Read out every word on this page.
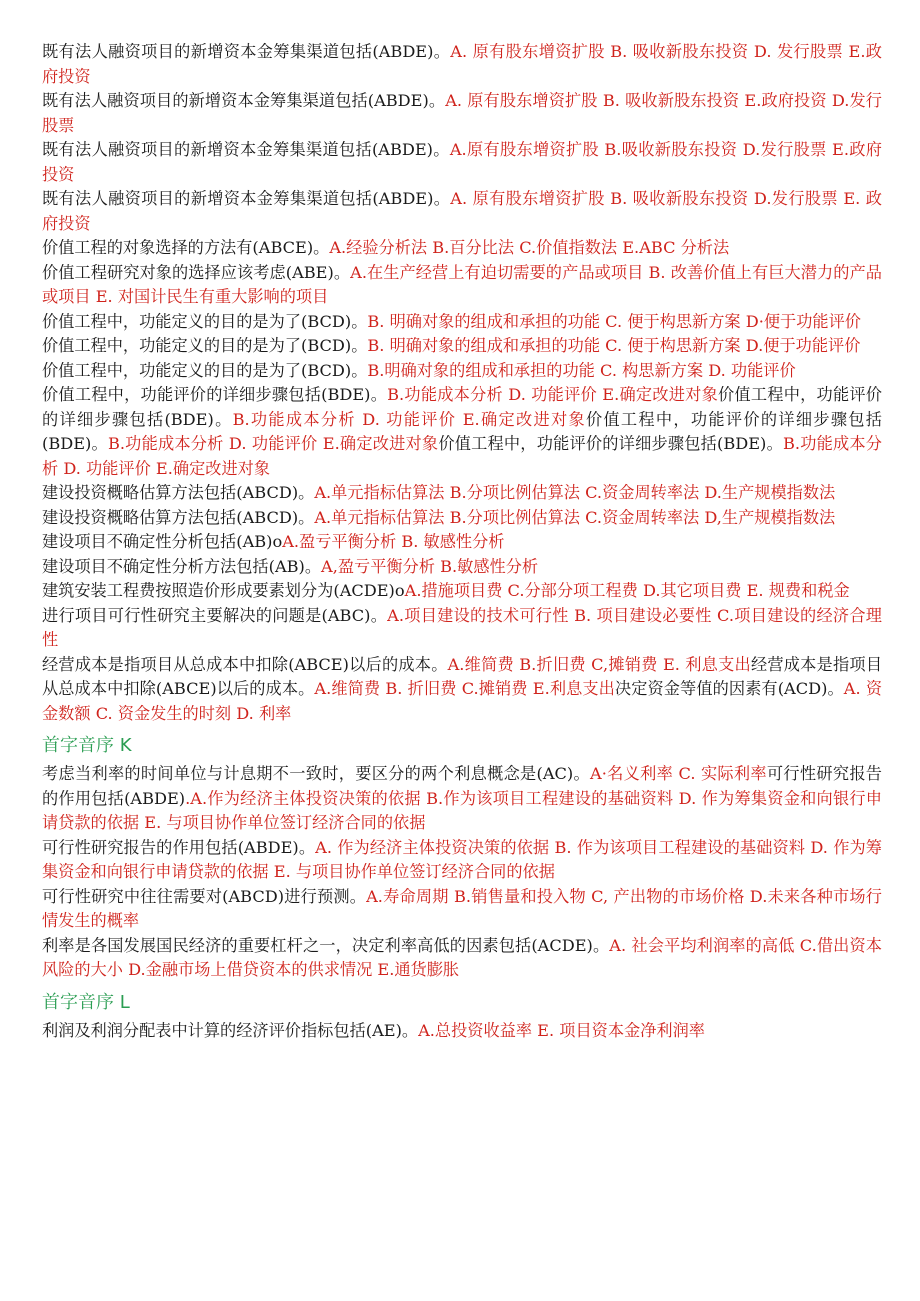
既有法人融资项目的新增资本金筹集渠道包括(ABDE)。A. 原有股东增资扩股 B. 吸收新股东投资 D. 发行股票 E.政府投资

既有法人融资项目的新增资本金筹集渠道包括(ABDE)。A. 原有股东增资扩股 B. 吸收新股东投资 E.政府投资 D.发行股票

既有法人融资项目的新增资本金筹集渠道包括(ABDE)。A.原有股东增资扩股 B.吸收新股东投资 D.发行股票 E.政府投资

既有法人融资项目的新增资本金筹集渠道包括(ABDE)。A. 原有股东增资扩股 B. 吸收新股东投资 D.发行股票 E. 政府投资

价值工程的对象选择的方法有(ABCE)。A.经验分析法 B.百分比法 C.价值指数法 E.ABC 分析法

价值工程研究对象的选择应该考虑(ABE)。A.在生产经营上有迫切需要的产品或项目 B. 改善价值上有巨大潜力的产品或项目 E. 对国计民生有重大影响的项目

价值工程中，功能定义的目的是为了(BCD)。B. 明确对象的组成和承担的功能 C. 便于构思新方案 D·便于功能评价

价值工程中，功能定义的目的是为了(BCD)。B. 明确对象的组成和承担的功能 C. 便于构思新方案 D.便于功能评价

价值工程中，功能定义的目的是为了(BCD)。B.明确对象的组成和承担的功能 C. 构思新方案 D. 功能评价

价值工程中，功能评价的详细步骤包括(BDE)。B.功能成本分析 D. 功能评价 E.确定改进对象价值工程中，功能评价的详细步骤包括(BDE)。B.功能成本分析 D. 功能评价 E.确定改进对象价值工程中，功能评价的详细步骤包括(BDE)。B.功能成本分析 D. 功能评价 E.确定改进对象价值工程中，功能评价的详细步骤包括(BDE)。B.功能成本分析 D. 功能评价 E.确定改进对象

建设投资概略估算方法包括(ABCD)。A.单元指标估算法 B.分项比例估算法 C.资金周转率法 D.生产规模指数法

建设投资概略估算方法包括(ABCD)。A.单元指标估算法 B.分项比例估算法 C.资金周转率法 D,生产规模指数法

建设项目不确定性分析包括(AB)oA.盈亏平衡分析 B. 敏感性分析

建设项目不确定性分析方法包括(AB)。A,盈亏平衡分析 B.敏感性分析

建筑安装工程费按照造价形成要素划分为(ACDE)oA.措施项目费 C.分部分项工程费 D.其它项目费 E. 规费和税金

进行项目可行性研究主要解决的问题是(ABC)。A.项目建设的技术可行性 B. 项目建设必要性 C.项目建设的经济合理性

经营成本是指项目从总成本中扣除(ABCE)以后的成本。A.维简费 B.折旧费 C,摊销费 E. 利息支出经营成本是指项目从总成本中扣除(ABCE)以后的成本。A.维简费 B. 折旧费 C.摊销费 E.利息支出决定资金等值的因素有(ACD)。A. 资金数额 C. 资金发生的时刻 D. 利率

首字音序 K

考虑当利率的时间单位与计息期不一致时，要区分的两个利息概念是(AC)。A·名义利率 C. 实际利率可行性研究报告的作用包括(ABDE).A.作为经济主体投资决策的依据 B.作为该项目工程建设的基础资料 D. 作为筹集资金和向银行申请贷款的依据 E. 与项目协作单位签订经济合同的依据

可行性研究报告的作用包括(ABDE)。A. 作为经济主体投资决策的依据 B. 作为该项目工程建设的基础资料 D. 作为筹集资金和向银行申请贷款的依据 E. 与项目协作单位签订经济合同的依据

可行性研究中往往需要对(ABCD)进行预测。A.寿命周期 B.销售量和投入物 C, 产出物的市场价格 D.未来各种市场行情发生的概率

利率是各国发展国民经济的重要杠杆之一，决定利率高低的因素包括(ACDE)。A. 社会平均利润率的高低 C.借出资本风险的大小 D.金融市场上借贷资本的供求情况 E.通货膨胀

首字音序 L

利润及利润分配表中计算的经济评价指标包括(AE)。A.总投资收益率 E. 项目资本金净利润率
